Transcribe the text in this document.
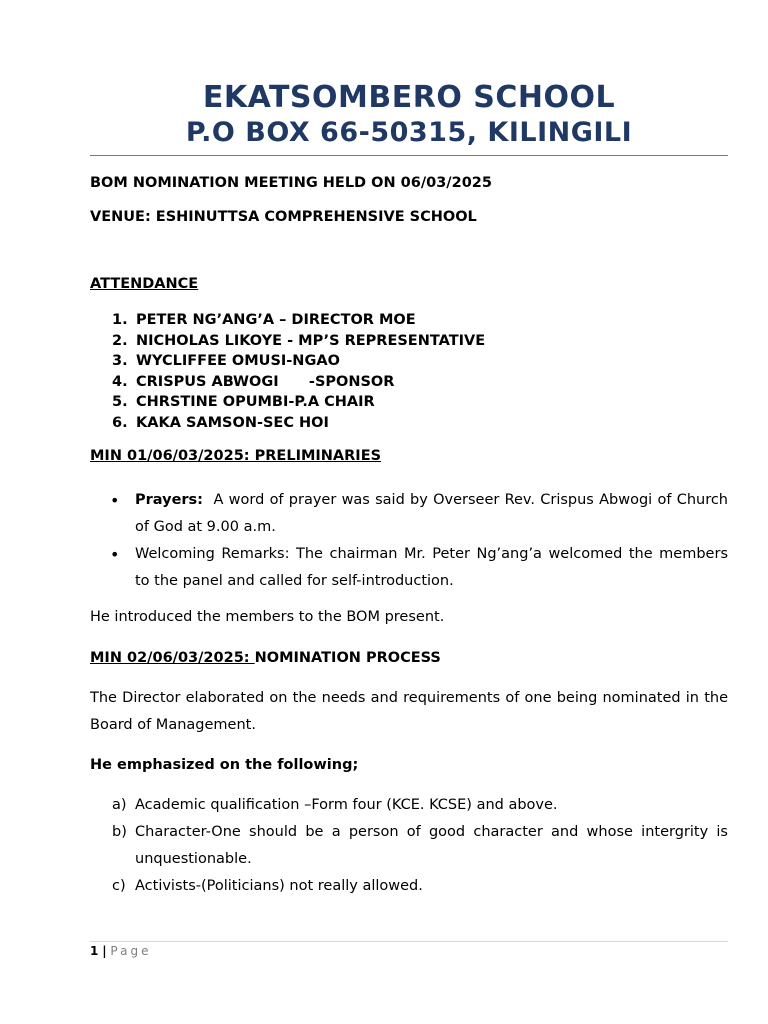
EKATSOMBERO SCHOOL
P.O BOX 66-50315, KILINGILI
BOM NOMINATION MEETING HELD ON 06/03/2025
VENUE: ESHINUTTSA COMPREHENSIVE SCHOOL
ATTENDANCE
1. PETER NG’ANG’A – DIRECTOR MOE
2. NICHOLAS LIKOYE - MP’S REPRESENTATIVE
3. WYCLIFFEE OMUSI-NGAO
4. CRISPUS ABWOGI      -SPONSOR
5. CHRSTINE OPUMBI-P.A CHAIR
6. KAKA SAMSON-SEC HOI
MIN 01/06/03/2025: PRELIMINARIES
•	Prayers:  A word of prayer was said by Overseer Rev. Crispus Abwogi of Church of God at 9.00 a.m.
•	Welcoming Remarks: The chairman Mr. Peter Ng’ang’a welcomed the members to the panel and called for self-introduction.
He introduced the members to the BOM present.
MIN 02/06/03/2025: NOMINATION PROCESS
The Director elaborated on the needs and requirements of one being nominated in the Board of Management.
He emphasized on the following;
a) Academic qualification –Form four (KCE. KCSE) and above.
b) Character-One should be a person of good character and whose intergrity is unquestionable.
c) Activists-(Politicians) not really allowed.
1 | Page
